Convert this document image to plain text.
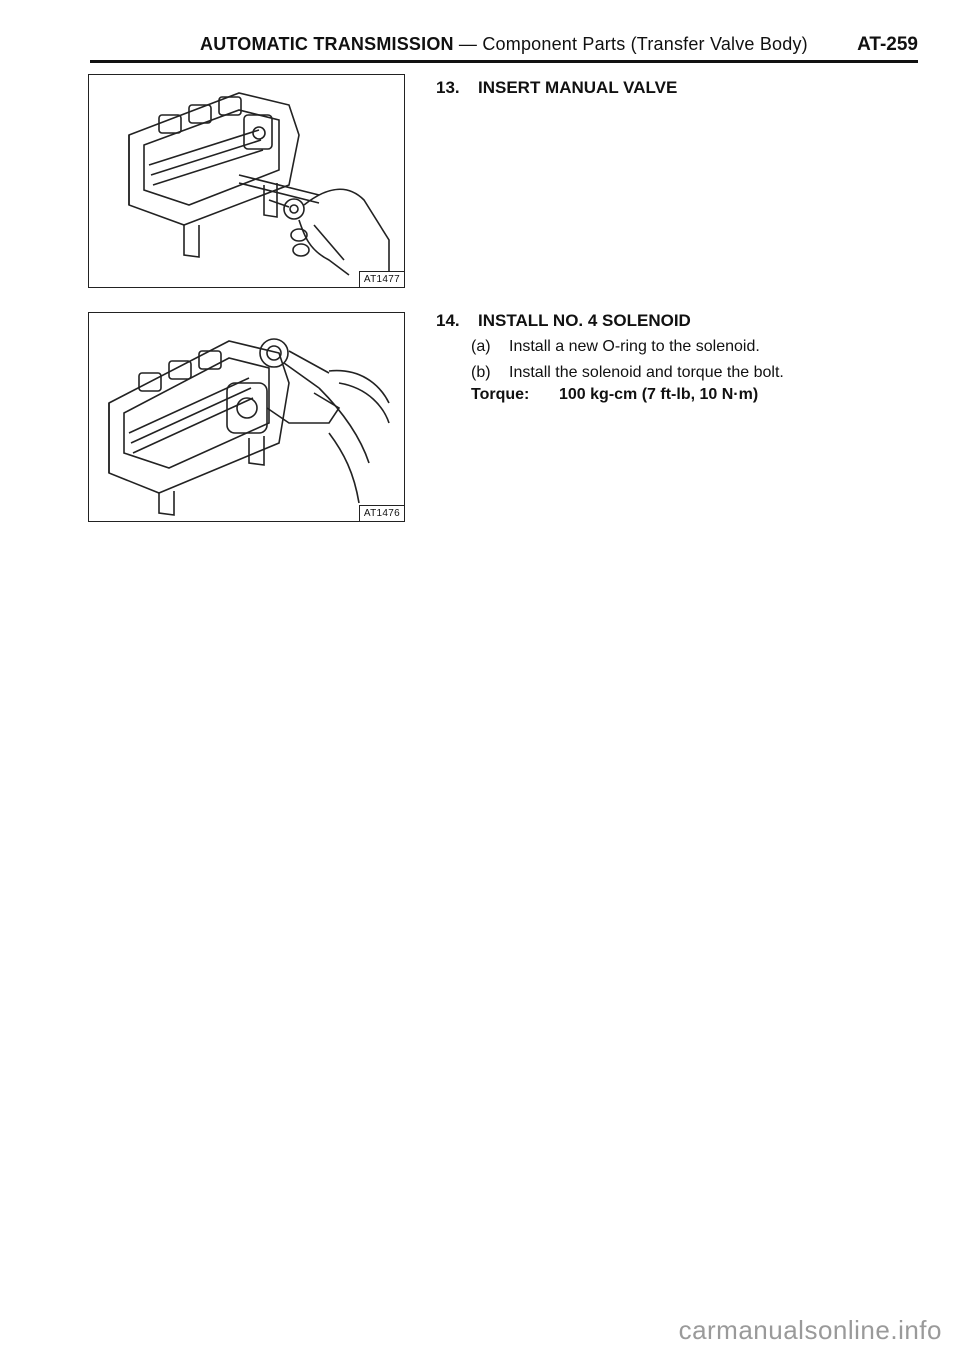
AUTOMATIC TRANSMISSION — Component Parts (Transfer Valve Body)	AT-259
AT1477
AT1476
13. INSERT MANUAL VALVE
14. INSTALL NO. 4 SOLENOID
(a) Install a new O-ring to the solenoid.
(b) Install the solenoid and torque the bolt.
Torque: 100 kg-cm (7 ft-lb, 10 N·m)
carmanualsonline.info
